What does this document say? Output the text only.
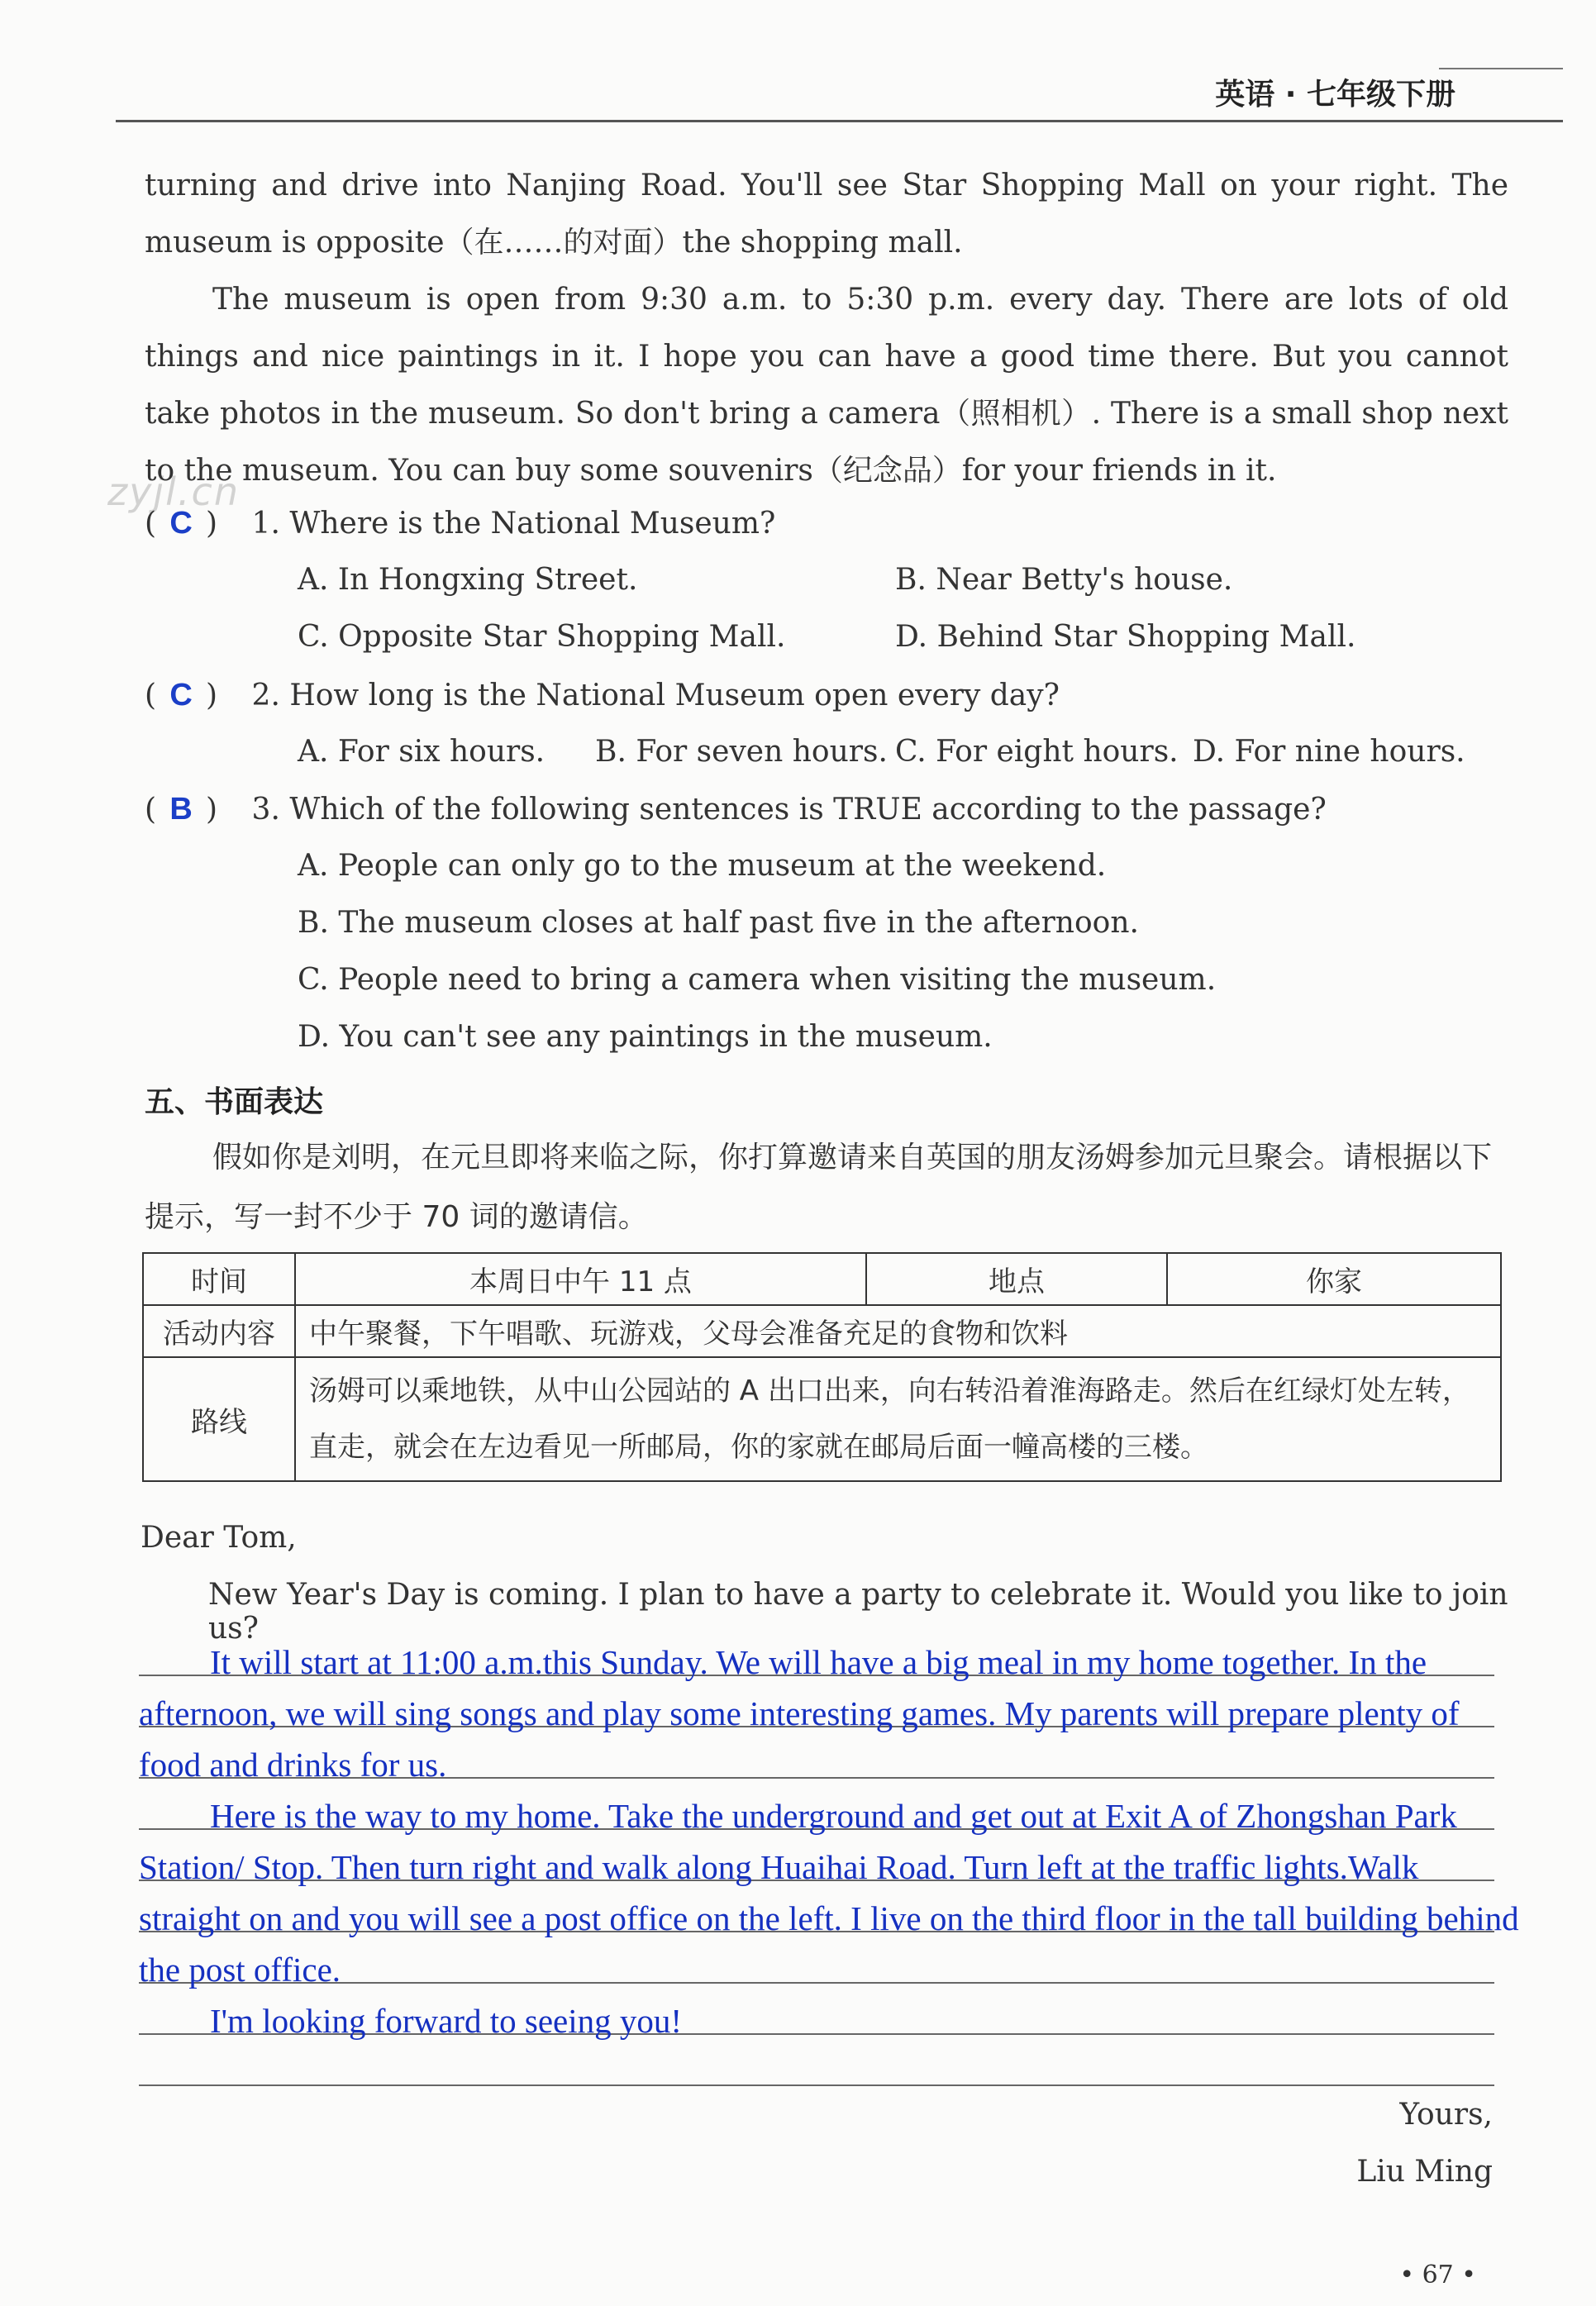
英语 · 七年级下册
zyjl.cn

turning and drive into Nanjing Road. You'll see Star Shopping Mall on your right. The museum is opposite（在……的对面）the shopping mall.

The museum is open from 9:30 a.m. to 5:30 p.m. every day. There are lots of old things and nice paintings in it. I hope you can have a good time there. But you cannot take photos in the museum. So don't bring a camera（照相机）. There is a small shop next to the museum. You can buy some souvenirs（纪念品）for your friends in it.

( C ) 1. Where is the National Museum?
A. In Hongxing Street.	B. Near Betty's house.
C. Opposite Star Shopping Mall.	D. Behind Star Shopping Mall.
( C ) 2. How long is the National Museum open every day?
A. For six hours. B. For seven hours. C. For eight hours. D. For nine hours.
( B ) 3. Which of the following sentences is TRUE according to the passage?
A. People can only go to the museum at the weekend.
B. The museum closes at half past five in the afternoon.
C. People need to bring a camera when visiting the museum.
D. You can't see any paintings in the museum.
五、书面表达

假如你是刘明，在元旦即将来临之际，你打算邀请来自英国的朋友汤姆参加元旦聚会。请根据以下提示，写一封不少于 70 词的邀请信。

时间	本周日中午 11 点	地点	你家
活动内容	中午聚餐，下午唱歌、玩游戏，父母会准备充足的食物和饮料		
路线	汤姆可以乘地铁，从中山公园站的 A 出口出来，向右转沿着淮海路走。然后在红绿灯处左转，直走，就会在左边看见一所邮局，你的家就在邮局后面一幢高楼的三楼。		
Dear Tom,
New Year's Day is coming. I plan to have a party to celebrate it. Would you like to join us?

It will start at 11:00 a.m.this Sunday. We will have a big meal in my home together. In the afternoon, we will sing songs and play some interesting games. My parents will prepare plenty of food and drinks for us.

Here is the way to my home. Take the underground and get out at Exit A of Zhongshan Park Station/ Stop. Then turn right and walk along Huaihai Road. Turn left at the traffic lights.Walk straight on and you will see a post office on the left. I live on the third floor in the tall building behind the post office.

I'm looking forward to seeing you!

Yours,
Liu Ming
• 67 •
